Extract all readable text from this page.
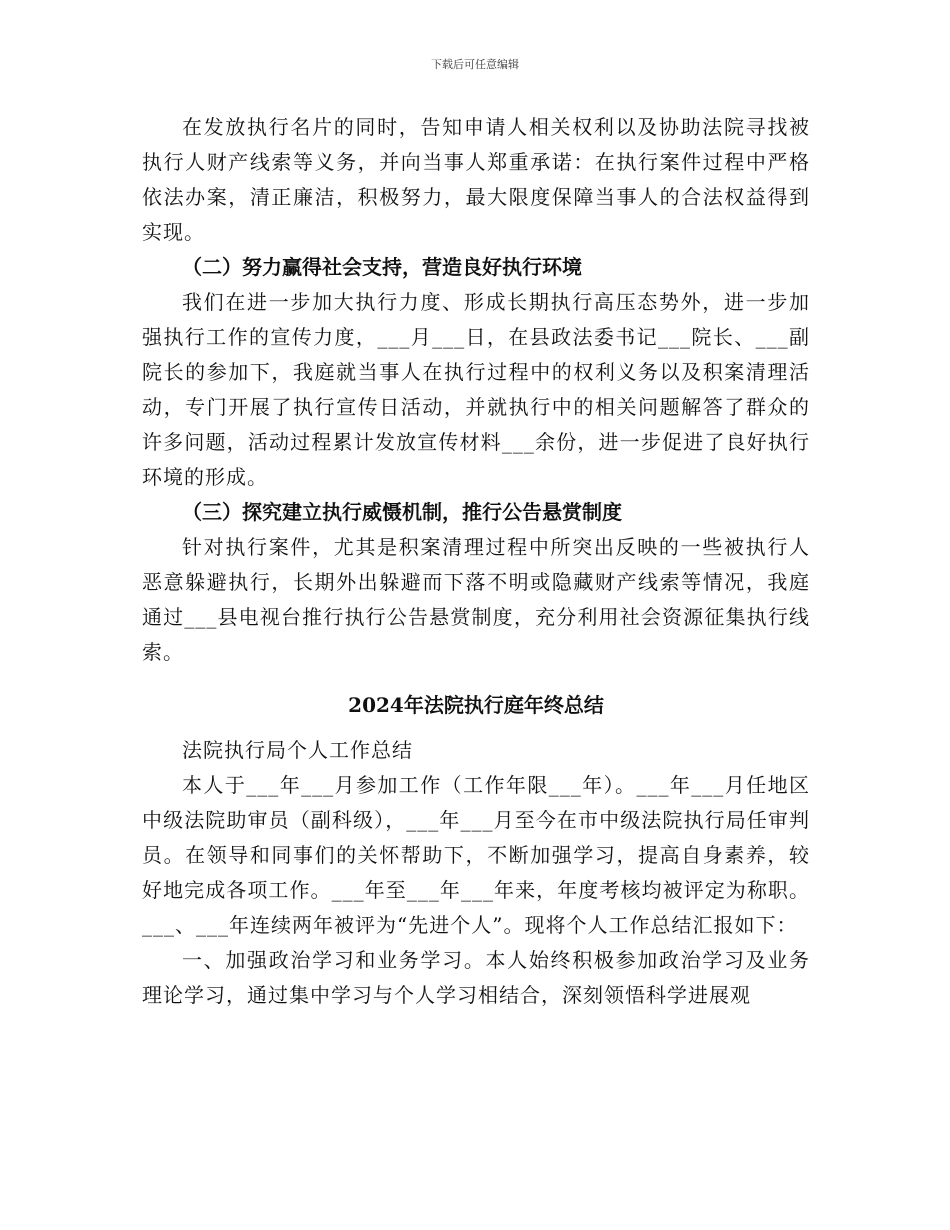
下载后可任意编辑

在发放执行名片的同时，告知申请人相关权利以及协助法院寻找被执行人财产线索等义务，并向当事人郑重承诺：在执行案件过程中严格依法办案，清正廉洁，积极努力，最大限度保障当事人的合法权益得到实现。

（二）努力赢得社会支持，营造良好执行环境

我们在进一步加大执行力度、形成长期执行高压态势外，进一步加强执行工作的宣传力度，___月___日，在县政法委书记___院长、___副院长的参加下，我庭就当事人在执行过程中的权利义务以及积案清理活动，专门开展了执行宣传日活动，并就执行中的相关问题解答了群众的许多问题，活动过程累计发放宣传材料___余份，进一步促进了良好执行环境的形成。

（三）探究建立执行威慑机制，推行公告悬赏制度

针对执行案件，尤其是积案清理过程中所突出反映的一些被执行人恶意躲避执行，长期外出躲避而下落不明或隐藏财产线索等情况，我庭通过___县电视台推行执行公告悬赏制度，充分利用社会资源征集执行线索。

2024年法院执行庭年终总结

法院执行局个人工作总结

本人于___年___月参加工作（工作年限___年）。___年___月任地区中级法院助审员（副科级），___年___月至今在市中级法院执行局任审判员。在领导和同事们的关怀帮助下，不断加强学习，提高自身素养，较好地完成各项工作。___年至___年___年来，年度考核均被评定为称职。___、___年连续两年被评为“先进个人”。现将个人工作总结汇报如下：

一、加强政治学习和业务学习。本人始终积极参加政治学习及业务理论学习，通过集中学习与个人学习相结合，深刻领悟科学进展观
